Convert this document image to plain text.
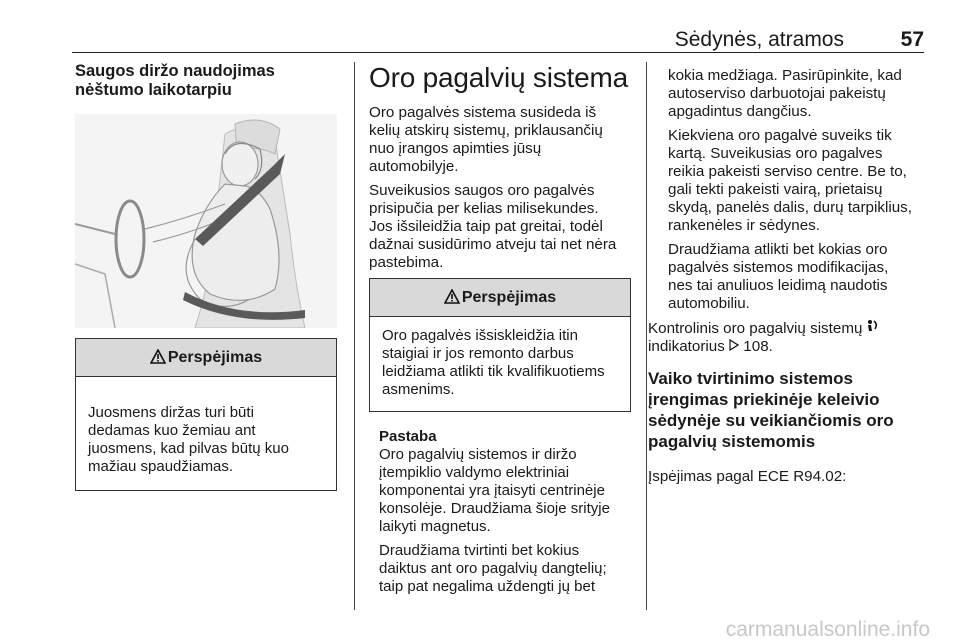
Sėdynės, atramos	57
Saugos diržo naudojimas
nėštumo laikotarpiu
Perspėjimas

Juosmens diržas turi būti

dedamas kuo žemiau ant

juosmens, kad pilvas būtų kuo

mažiau spaudžiamas.

Oro pagalvių sistema

Oro pagalvės sistema susideda iš

kelių atskirų sistemų, priklausančių

nuo įrangos apimties jūsų

automobilyje.

Suveikusios saugos oro pagalvės

prisipučia per kelias milisekundes.

Jos išsileidžia taip pat greitai, todėl

dažnai susidūrimo atveju tai net nėra

pastebima.

Perspėjimas

Oro pagalvės išsiskleidžia itin

staigiai ir jos remonto darbus

leidžiama atlikti tik kvalifikuotiems

asmenims.

Pastaba

Oro pagalvių sistemos ir diržo

įtempiklio valdymo elektriniai

komponentai yra įtaisyti centrinėje

konsolėje. Draudžiama šioje srityje

laikyti magnetus.

Draudžiama tvirtinti bet kokius

daiktus ant oro pagalvių dangtelių;

taip pat negalima uždengti jų bet

kokia medžiaga. Pasirūpinkite, kad

autoserviso darbuotojai pakeistų

apgadintus dangčius.

Kiekviena oro pagalvė suveiks tik

kartą. Suveikusias oro pagalves

reikia pakeisti serviso centre. Be to,

gali tekti pakeisti vairą, prietaisų

skydą, panelės dalis, durų tarpiklius,

rankenėles ir sėdynes.

Draudžiama atlikti bet kokias oro

pagalvės sistemos modifikacijas,

nes tai anuliuos leidimą naudotis

automobiliu.

Kontrolinis oro pagalvių sistemų

indikatorius 108.

Vaiko tvirtinimo sistemos
įrengimas priekinėje keleivio
sėdynėje su veikiančiomis oro
pagalvių sistemomis

Įspėjimas pagal ECE R94.02:

carmanualsonline.info
